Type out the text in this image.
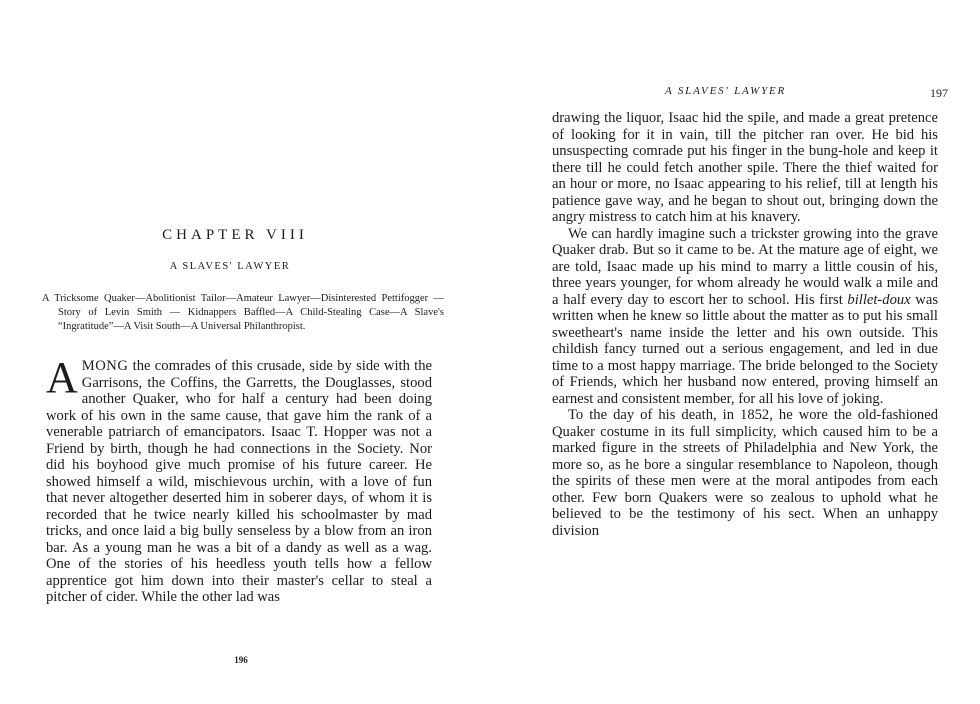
CHAPTER VIII
A SLAVES' LAWYER
A Tricksome Quaker—Abolitionist Tailor—Amateur Lawyer—Disinterested Pettifogger — Story of Levin Smith — Kidnappers Baffled—A Child-Stealing Case—A Slave's “Ingratitude”—A Visit South—A Universal Philanthropist.

AMONG the comrades of this crusade, side by side with the Garrisons, the Coffins, the Garretts, the Douglasses, stood another Quaker, who for half a century had been doing work of his own in the same cause, that gave him the rank of a venerable patriarch of emancipators. Isaac T. Hopper was not a Friend by birth, though he had connections in the Society. Nor did his boyhood give much promise of his future career. He showed himself a wild, mischievous urchin, with a love of fun that never altogether deserted him in soberer days, of whom it is recorded that he twice nearly killed his schoolmaster by mad tricks, and once laid a big bully senseless by a blow from an iron bar. As a young man he was a bit of a dandy as well as a wag. One of the stories of his heedless youth tells how a fellow apprentice got him down into their master's cellar to steal a pitcher of cider. While the other lad was

196
A SLAVES' LAWYER	197

drawing the liquor, Isaac hid the spile, and made a great pretence of looking for it in vain, till the pitcher ran over. He bid his unsuspecting comrade put his finger in the bung-hole and keep it there till he could fetch another spile. There the thief waited for an hour or more, no Isaac appearing to his relief, till at length his patience gave way, and he began to shout out, bringing down the angry mistress to catch him at his knavery.

We can hardly imagine such a trickster growing into the grave Quaker drab. But so it came to be. At the mature age of eight, we are told, Isaac made up his mind to marry a little cousin of his, three years younger, for whom already he would walk a mile and a half every day to escort her to school. His first billet-doux was written when he knew so little about the matter as to put his small sweetheart's name inside the letter and his own outside. This childish fancy turned out a serious engagement, and led in due time to a most happy marriage. The bride belonged to the Society of Friends, which her husband now entered, proving himself an earnest and consistent member, for all his love of joking.

To the day of his death, in 1852, he wore the old-fashioned Quaker costume in its full simplicity, which caused him to be a marked figure in the streets of Philadelphia and New York, the more so, as he bore a singular resemblance to Napoleon, though the spirits of these men were at the moral antipodes from each other. Few born Quakers were so zealous to uphold what he believed to be the testimony of his sect. When an unhappy division
